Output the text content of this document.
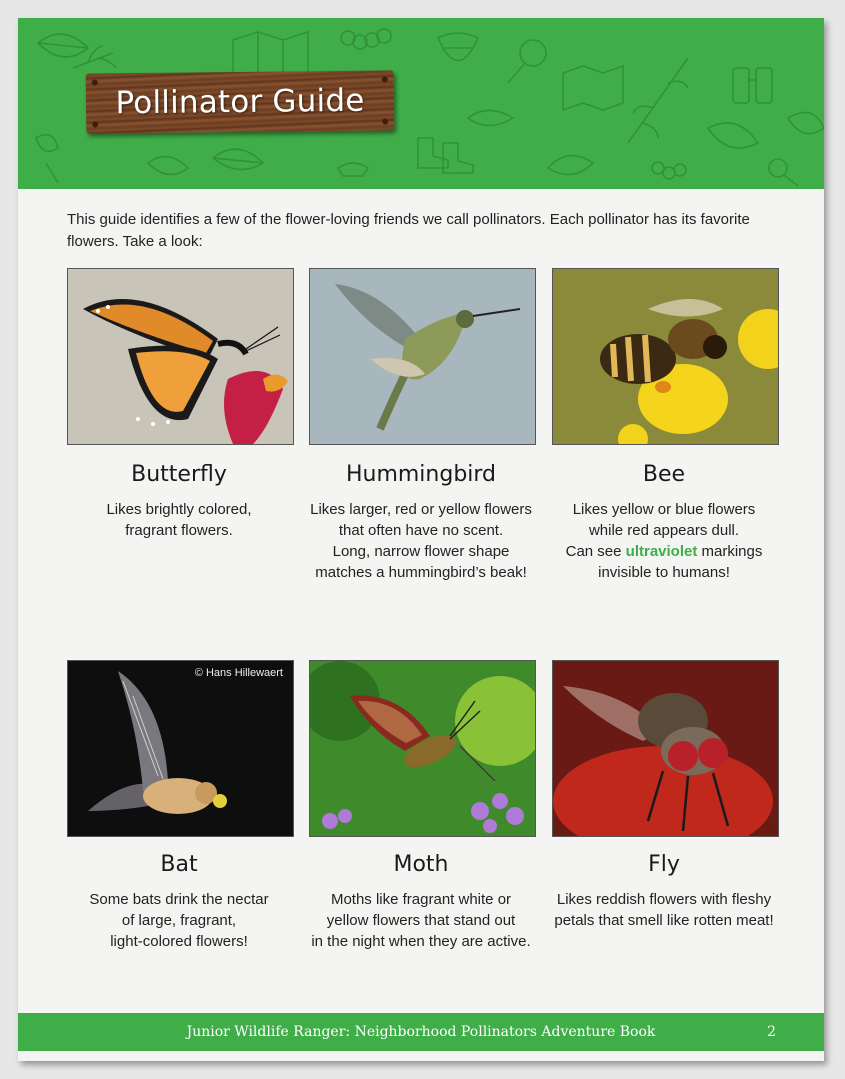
Pollinator Guide
This guide identifies a few of the flower-loving friends we call pollinators. Each pollinator has its favorite flowers. Take a look:
Butterfly	Hummingbird	Bee
Likes brightly colored,
fragrant flowers.
Likes larger, red or yellow flowers
that often have no scent.
Long, narrow flower shape
matches a hummingbird’s beak!
Likes yellow or blue flowers
while red appears dull.
Can see ultraviolet markings
invisible to humans!
© Hans Hillewaert
Bat	Moth	Fly
Some bats drink the nectar
of large, fragrant,
light-colored flowers!
Moths like fragrant white or
yellow flowers that stand out
in the night when they are active.
Likes reddish flowers with fleshy
petals that smell like rotten meat!
Junior Wildlife Ranger: Neighborhood Pollinators Adventure Book	2
